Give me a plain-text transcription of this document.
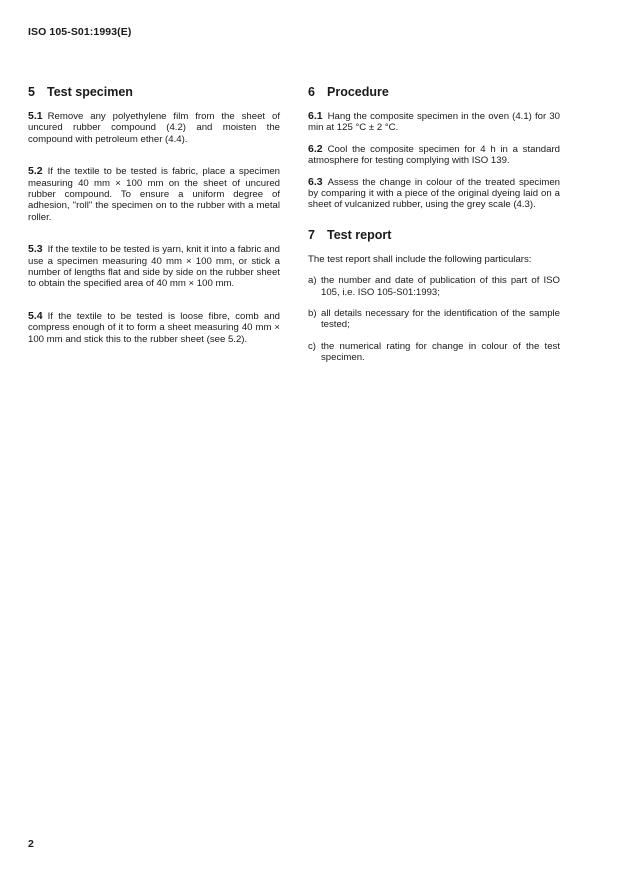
ISO 105-S01:1993(E)
5 Test specimen

5.1 Remove any polyethylene film from the sheet of uncured rubber compound (4.2) and moisten the compound with petroleum ether (4.4).

5.2 If the textile to be tested is fabric, place a specimen measuring 40 mm × 100 mm on the sheet of uncured rubber compound. To ensure a uniform degree of adhesion, "roll" the specimen on to the rubber with a metal roller.

5.3 If the textile to be tested is yarn, knit it into a fabric and use a specimen measuring 40 mm × 100 mm, or stick a number of lengths flat and side by side on the rubber sheet to obtain the specified area of 40 mm × 100 mm.

5.4 If the textile to be tested is loose fibre, comb and compress enough of it to form a sheet measuring 40 mm × 100 mm and stick this to the rubber sheet (see 5.2).

6 Procedure

6.1 Hang the composite specimen in the oven (4.1) for 30 min at 125 °C ± 2 °C.

6.2 Cool the composite specimen for 4 h in a standard atmosphere for testing complying with ISO 139.

6.3 Assess the change in colour of the treated specimen by comparing it with a piece of the original dyeing laid on a sheet of vulcanized rubber, using the grey scale (4.3).

7 Test report

The test report shall include the following particulars:

a) the number and date of publication of this part of ISO 105, i.e. ISO 105-S01:1993;
b) all details necessary for the identification of the sample tested;
c) the numerical rating for change in colour of the test specimen.
2
